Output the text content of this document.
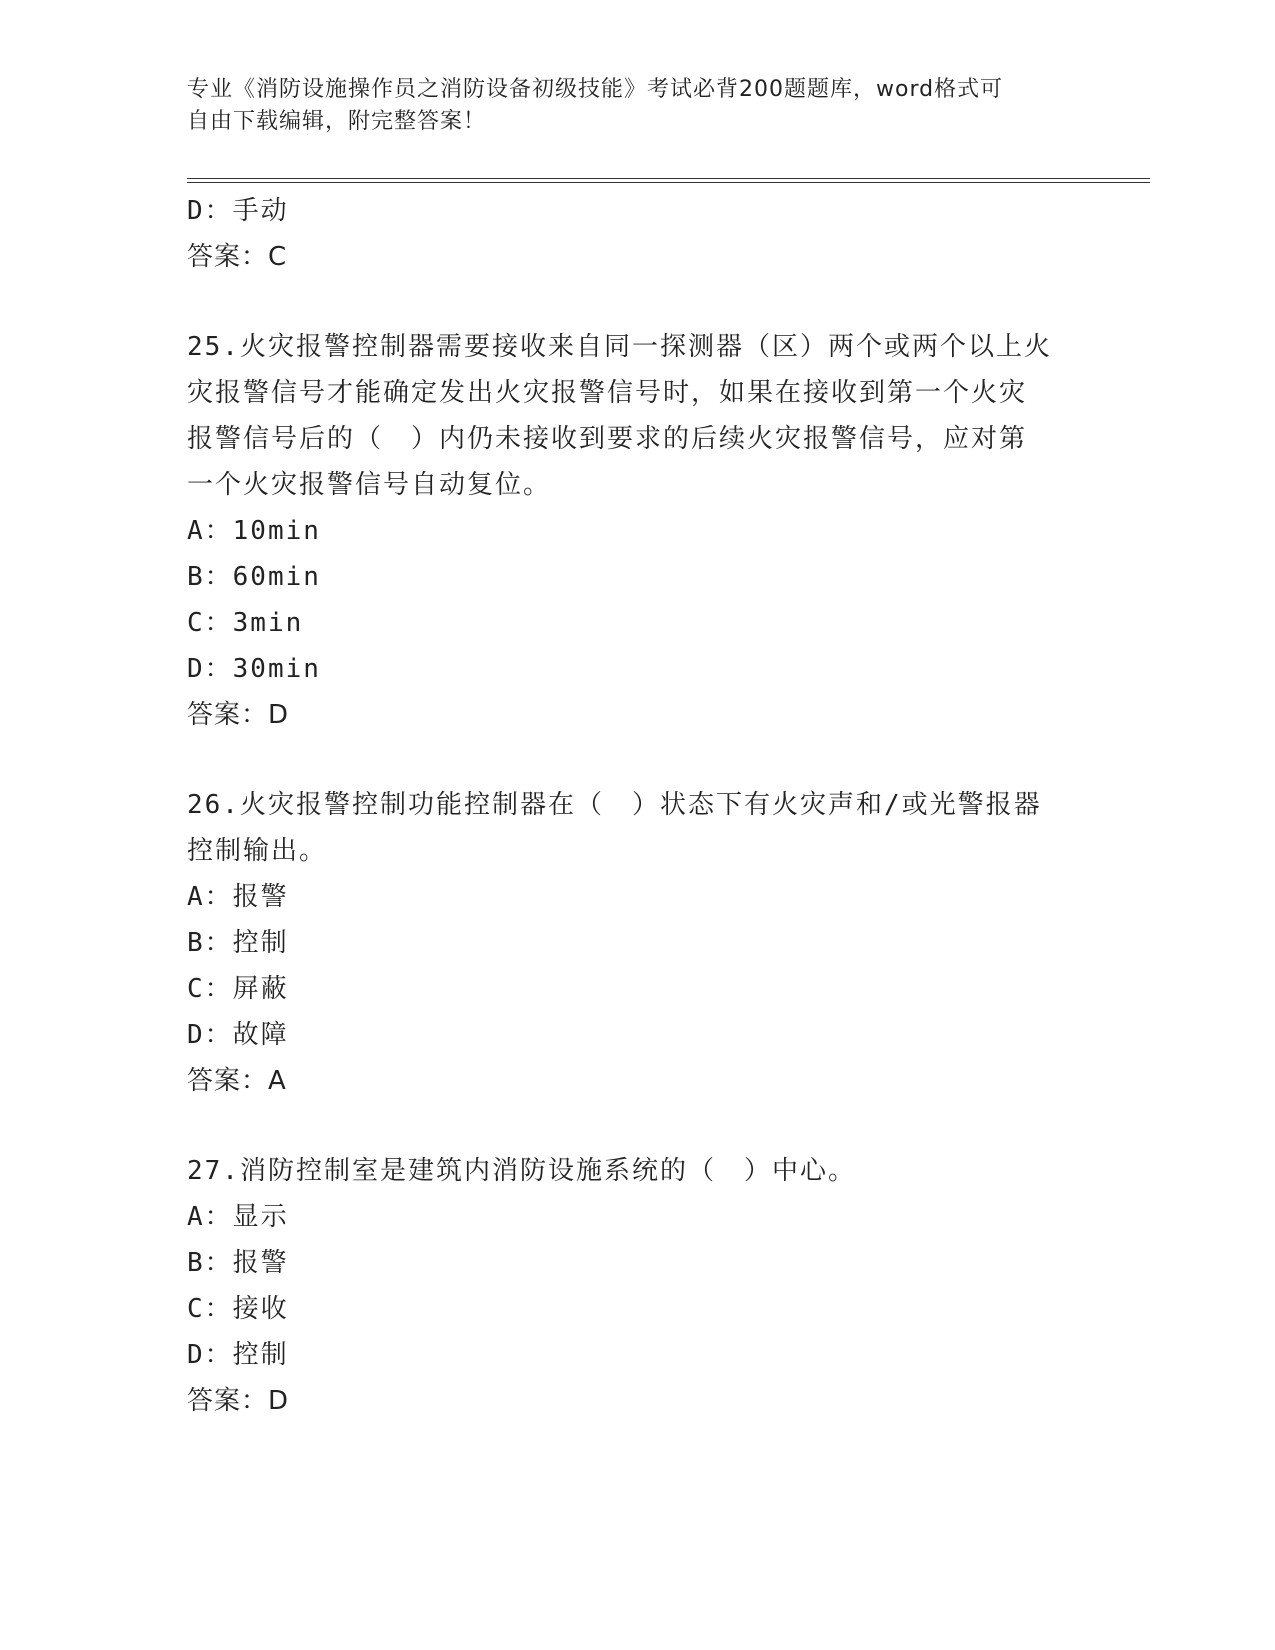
专业《消防设施操作员之消防设备初级技能》考试必背200题题库，word格式可
自由下载编辑，附完整答案！
D：手动
答案：C
25.火灾报警控制器需要接收来自同一探测器（区）两个或两个以上火
灾报警信号才能确定发出火灾报警信号时，如果在接收到第一个火灾
报警信号后的（　）内仍未接收到要求的后续火灾报警信号，应对第
一个火灾报警信号自动复位。
A：10min
B：60min
C：3min
D：30min
答案：D
26.火灾报警控制功能控制器在（　）状态下有火灾声和/或光警报器
控制输出。
A：报警
B：控制
C：屏蔽
D：故障
答案：A
27.消防控制室是建筑内消防设施系统的（　）中心。
A：显示
B：报警
C：接收
D：控制
答案：D
